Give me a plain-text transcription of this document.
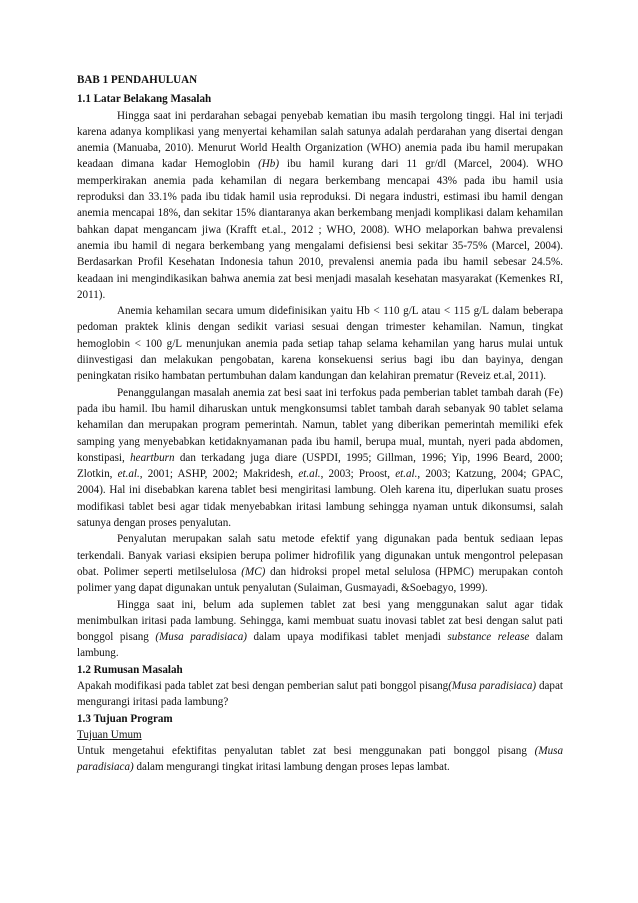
BAB 1 PENDAHULUAN
1.1 Latar Belakang Masalah

Hingga saat ini perdarahan sebagai penyebab kematian ibu masih tergolong tinggi. Hal ini terjadi karena adanya komplikasi yang menyertai kehamilan salah satunya adalah perdarahan yang disertai dengan anemia (Manuaba, 2010). Menurut World Health Organization (WHO) anemia pada ibu hamil merupakan keadaan dimana kadar Hemoglobin (Hb) ibu hamil kurang dari 11 gr/dl (Marcel, 2004). WHO memperkirakan anemia pada kehamilan di negara berkembang mencapai 43% pada ibu hamil usia reproduksi dan 33.1% pada ibu tidak hamil usia reproduksi. Di negara industri, estimasi ibu hamil dengan anemia mencapai 18%, dan sekitar 15% diantaranya akan berkembang menjadi komplikasi dalam kehamilan bahkan dapat mengancam jiwa (Krafft et.al., 2012 ; WHO, 2008). WHO melaporkan bahwa prevalensi anemia ibu hamil di negara berkembang yang mengalami defisiensi besi sekitar 35-75% (Marcel, 2004). Berdasarkan Profil Kesehatan Indonesia tahun 2010, prevalensi anemia pada ibu hamil sebesar 24.5%. keadaan ini mengindikasikan bahwa anemia zat besi menjadi masalah kesehatan masyarakat (Kemenkes RI, 2011).

Anemia kehamilan secara umum didefinisikan yaitu Hb < 110 g/L atau < 115 g/L dalam beberapa pedoman praktek klinis dengan sedikit variasi sesuai dengan trimester kehamilan. Namun, tingkat hemoglobin < 100 g/L menunjukan anemia pada setiap tahap selama kehamilan yang harus mulai untuk diinvestigasi dan melakukan pengobatan, karena konsekuensi serius bagi ibu dan bayinya, dengan peningkatan risiko hambatan pertumbuhan dalam kandungan dan kelahiran prematur (Reveiz et.al, 2011).

Penanggulangan masalah anemia zat besi saat ini terfokus pada pemberian tablet tambah darah (Fe) pada ibu hamil. Ibu hamil diharuskan untuk mengkonsumsi tablet tambah darah sebanyak 90 tablet selama kehamilan dan merupakan program pemerintah. Namun, tablet yang diberikan pemerintah memiliki efek samping yang menyebabkan ketidaknyamanan pada ibu hamil, berupa mual, muntah, nyeri pada abdomen, konstipasi, heartburn dan terkadang juga diare (USPDI, 1995; Gillman, 1996; Yip, 1996 Beard, 2000; Zlotkin, et.al., 2001; ASHP, 2002; Makridesh, et.al., 2003; Proost, et.al., 2003; Katzung, 2004; GPAC, 2004). Hal ini disebabkan karena tablet besi mengiritasi lambung. Oleh karena itu, diperlukan suatu proses modifikasi tablet besi agar tidak menyebabkan iritasi lambung sehingga nyaman untuk dikonsumsi, salah satunya dengan proses penyalutan.

Penyalutan merupakan salah satu metode efektif yang digunakan pada bentuk sediaan lepas terkendali. Banyak variasi eksipien berupa polimer hidrofilik yang digunakan untuk mengontrol pelepasan obat. Polimer seperti metilselulosa (MC) dan hidroksi propel metal selulosa (HPMC) merupakan contoh polimer yang dapat digunakan untuk penyalutan (Sulaiman, Gusmayadi, &Soebagyo, 1999).

Hingga saat ini, belum ada suplemen tablet zat besi yang menggunakan salut agar tidak menimbulkan iritasi pada lambung. Sehingga, kami membuat suatu inovasi tablet zat besi dengan salut pati bonggol pisang (Musa paradisiaca) dalam upaya modifikasi tablet menjadi substance release dalam lambung.

1.2 Rumusan Masalah

Apakah modifikasi pada tablet zat besi dengan pemberian salut pati bonggol pisang(Musa paradisiaca) dapat mengurangi iritasi pada lambung?

1.3 Tujuan Program
Tujuan Umum

Untuk mengetahui efektifitas penyalutan tablet zat besi menggunakan pati bonggol pisang (Musa paradisiaca) dalam mengurangi tingkat iritasi lambung dengan proses lepas lambat.
